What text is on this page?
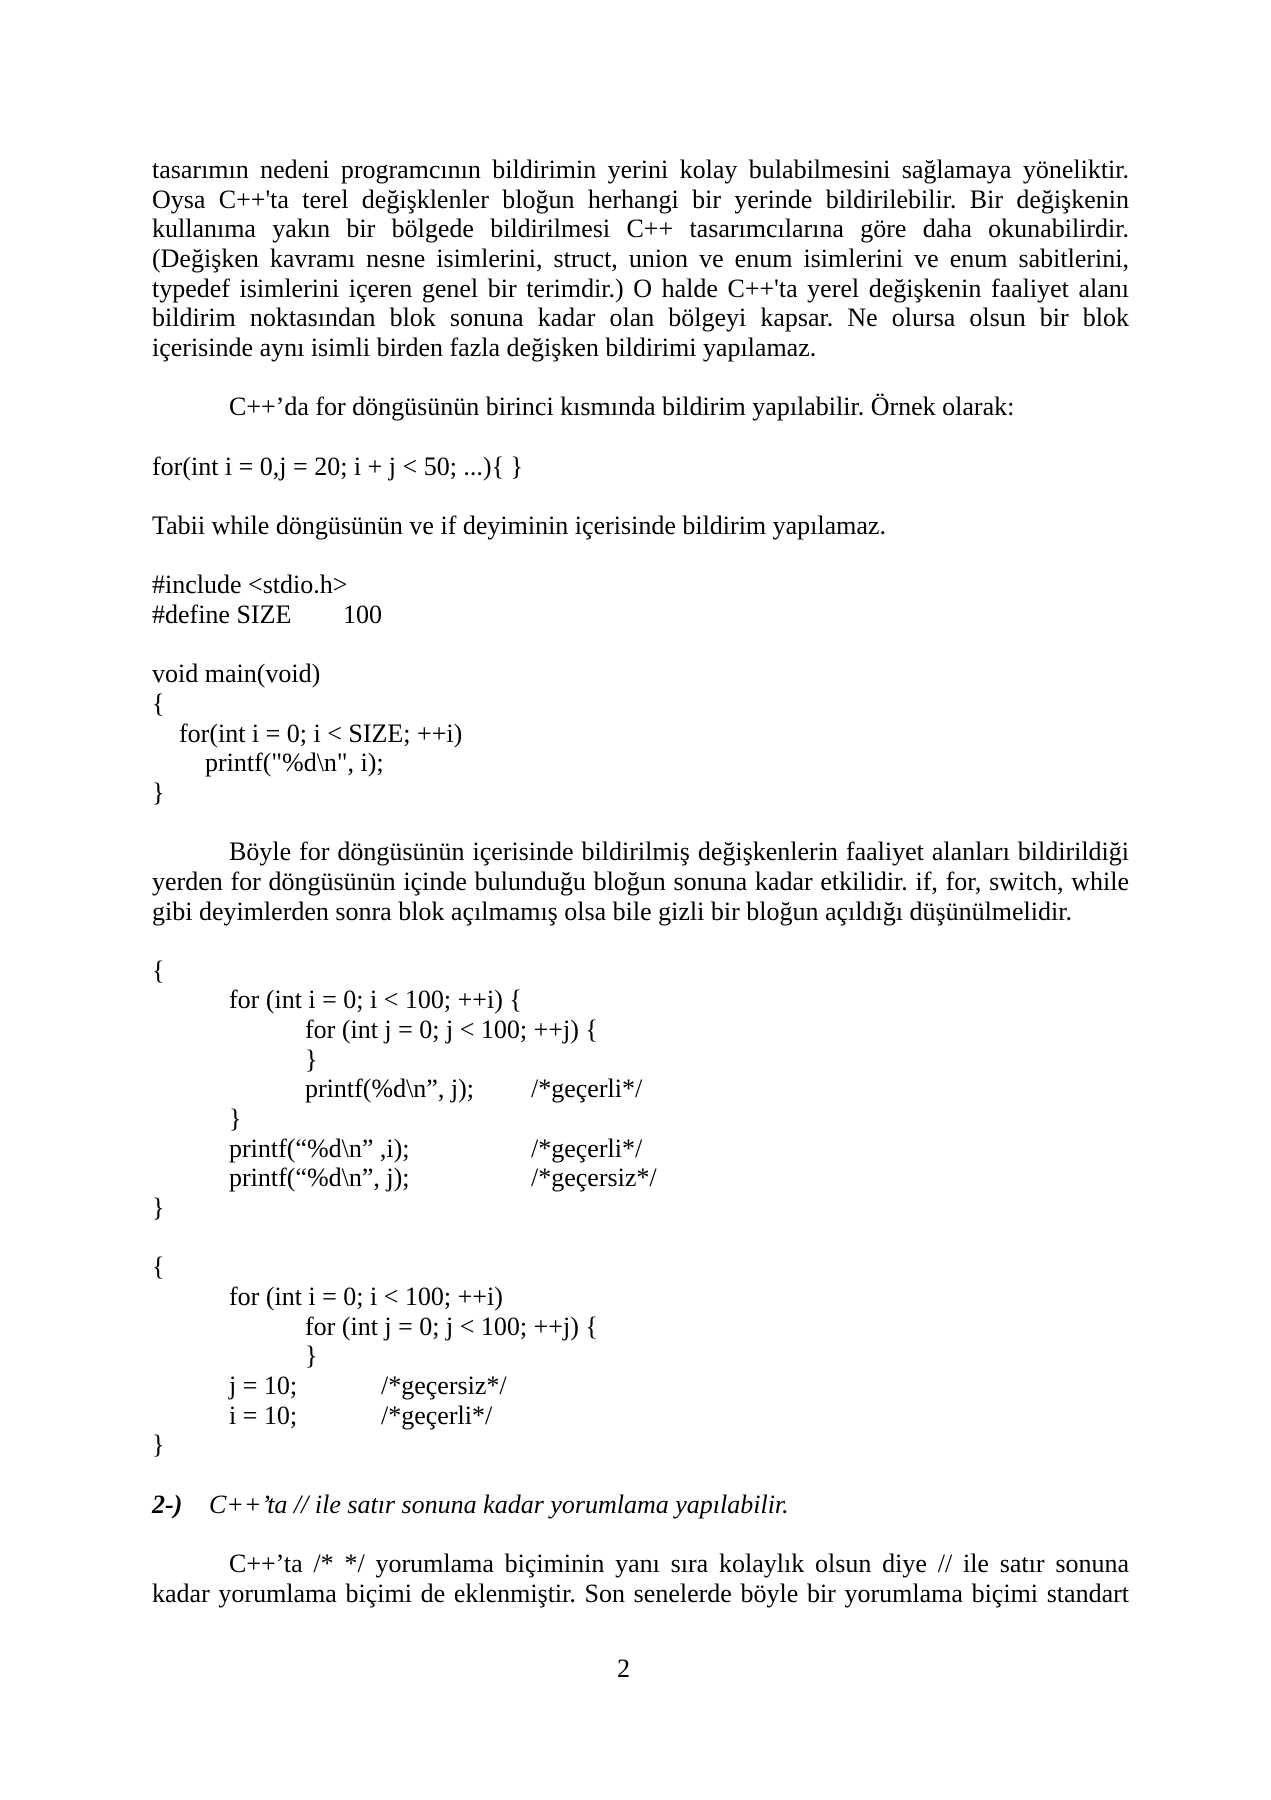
tasarımın nedeni programcının bildirimin yerini kolay bulabilmesini sağlamaya yöneliktir.
Oysa C++'ta terel değişklenler bloğun herhangi bir yerinde bildirilebilir. Bir değişkenin
kullanıma yakın bir bölgede bildirilmesi C++ tasarımcılarına göre daha okunabilirdir.
(Değişken kavramı nesne isimlerini, struct, union ve enum isimlerini ve enum sabitlerini,
typedef isimlerini içeren genel bir terimdir.) O halde C++'ta yerel değişkenin faaliyet alanı
bildirim noktasından blok sonuna kadar olan bölgeyi kapsar. Ne olursa olsun bir blok
içerisinde aynı isimli birden fazla değişken bildirimi yapılamaz.
C++’da for döngüsünün birinci kısmında bildirim yapılabilir. Örnek olarak:
for(int i = 0,j = 20; i + j < 50; ...){ }
Tabii while döngüsünün ve if deyiminin içerisinde bildirim yapılamaz.
#include <stdio.h>
#define SIZE 100
void main(void)
{
for(int i = 0; i < SIZE; ++i)
printf("%d\n", i);
}
Böyle for döngüsünün içerisinde bildirilmiş değişkenlerin faaliyet alanları bildirildiği
yerden for döngüsünün içinde bulunduğu bloğun sonuna kadar etkilidir. if, for, switch, while
gibi deyimlerden sonra blok açılmamış olsa bile gizli bir bloğun açıldığı düşünülmelidir.
{
for (int i = 0; i < 100; ++i) {
for (int j = 0; j < 100; ++j) {
}
printf(%d\n”, j); /*geçerli*/
}
printf(“%d\n” ,i);	/*geçerli*/
printf(“%d\n”, j);	/*geçersiz*/
}
{
for (int i = 0; i < 100; ++i)
for (int j = 0; j < 100; ++j) {
}
j = 10;	/*geçersiz*/
i = 10;	/*geçerli*/
}
2-) C++’ta // ile satır sonuna kadar yorumlama yapılabilir.
C++’ta /* */ yorumlama biçiminin yanı sıra kolaylık olsun diye // ile satır sonuna
kadar yorumlama biçimi de eklenmiştir. Son senelerde böyle bir yorumlama biçimi standart
2
